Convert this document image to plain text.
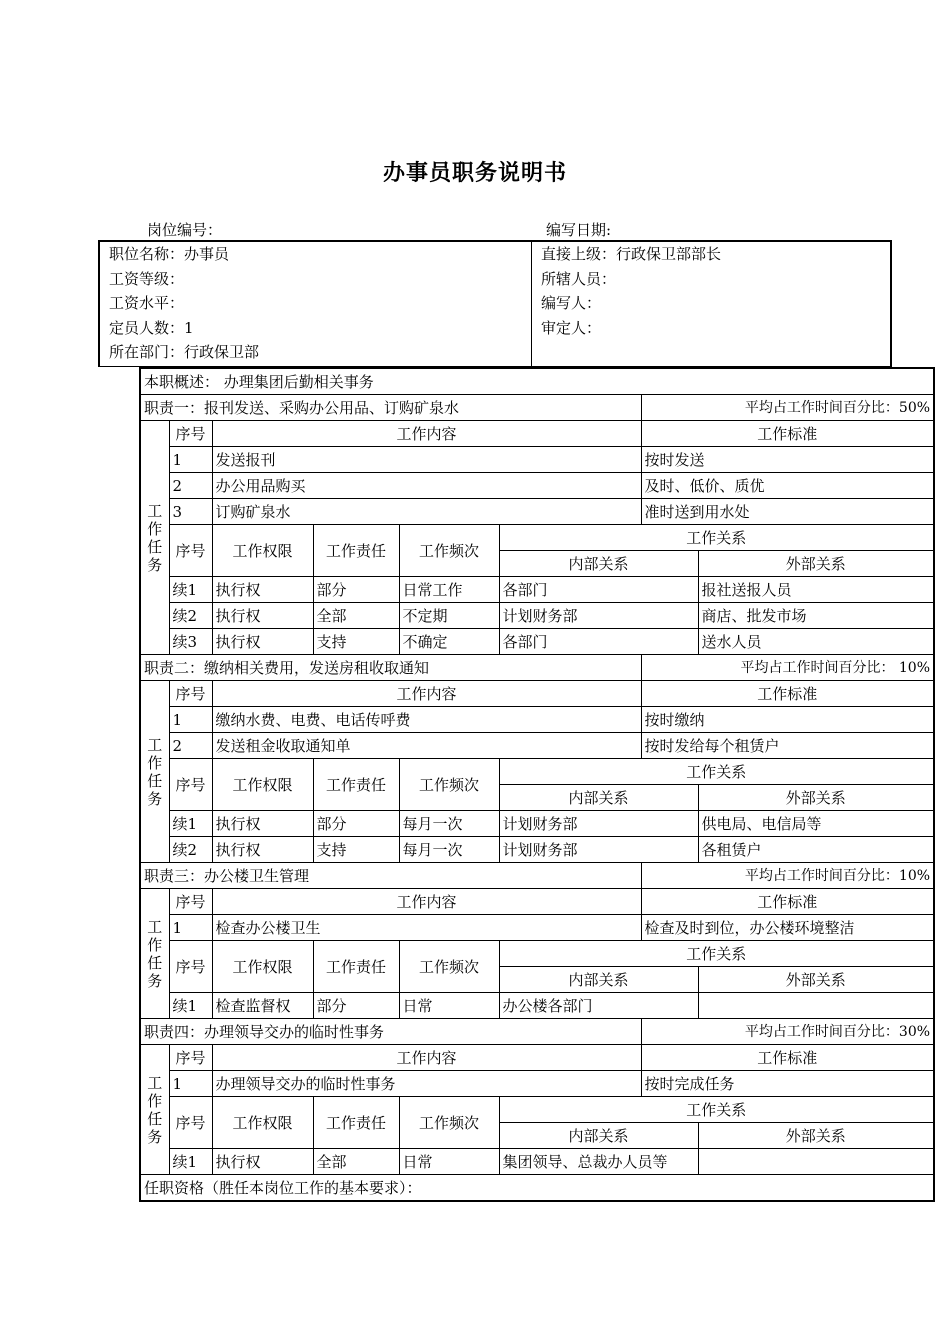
办事员职务说明书
岗位编号：	编写日期:
职位名称：办事员
工资等级：
工资水平：
定员人数：1
所在部门：行政保卫部
直接上级：行政保卫部部长
所辖人员：
编写人：
审定人：
本职概述： 办理集团后勤相关事务							
职责一：报刊发送、采购办公用品、订购矿泉水						平均占工作时间百分比：50%	

工
作
任
务	序号	工作内容				工作标准	
	1	发送报刊				按时发送	
	2	办公用品购买				及时、低价、质优	
	3	订购矿泉水				准时送到用水处	
	序号	工作权限	工作责任	工作频次	工作关系		
					内部关系		外部关系
	续1	执行权	部分	日常工作	各部门		报社送报人员
	续2	执行权	全部	不定期	计划财务部		商店、批发市场
	续3	执行权	支持	不确定	各部门		送水人员
职责二：缴纳相关费用，发送房租收取通知						平均占工作时间百分比： 10%	

工
作
任
务	序号	工作内容				工作标准	
	1	缴纳水费、电费、电话传呼费				按时缴纳	
	2	发送租金收取通知单				按时发给每个租赁户	
	序号	工作权限	工作责任	工作频次	工作关系		
					内部关系		外部关系
	续1	执行权	部分	每月一次	计划财务部		供电局、电信局等
	续2	执行权	支持	每月一次	计划财务部		各租赁户
职责三：办公楼卫生管理						平均占工作时间百分比：10%	

工
作
任
务	序号	工作内容				工作标准	
	1	检查办公楼卫生				检查及时到位，办公楼环境整洁	
	序号	工作权限	工作责任	工作频次	工作关系		
					内部关系		外部关系
	续1	检查监督权	部分	日常	办公楼各部门		
职责四：办理领导交办的临时性事务						平均占工作时间百分比：30%	

工
作
任
务	序号	工作内容				工作标准	
	1	办理领导交办的临时性事务				按时完成任务	
	序号	工作权限	工作责任	工作频次	工作关系		
					内部关系		外部关系
	续1	执行权	全部	日常	集团领导、总裁办人员等		
任职资格（胜任本岗位工作的基本要求）：							
